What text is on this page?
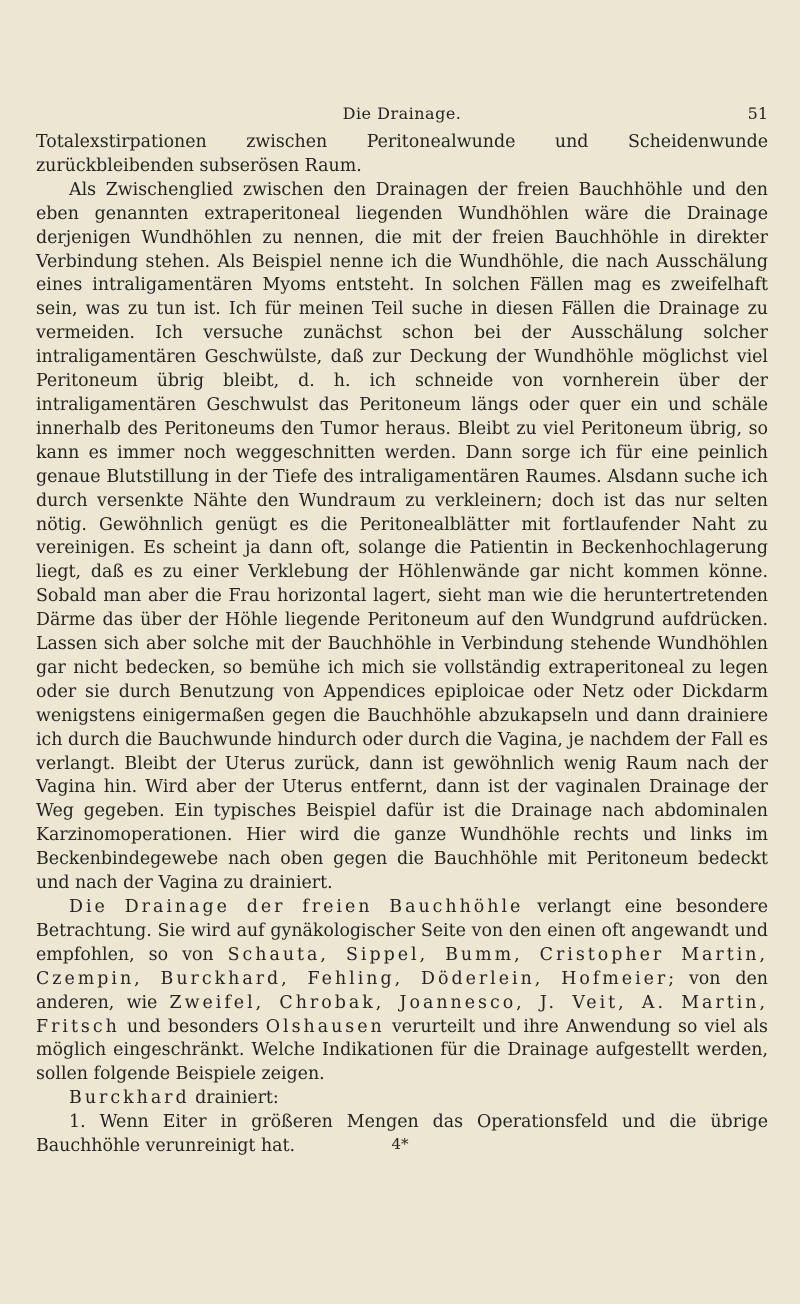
Die Drainage.	51

Totalexstirpationen zwischen Peritonealwunde und Scheidenwunde zurückbleibenden subserösen Raum.

Als Zwischenglied zwischen den Drainagen der freien Bauchhöhle und den eben genannten extraperitoneal liegenden Wundhöhlen wäre die Drainage derjenigen Wundhöhlen zu nennen, die mit der freien Bauchhöhle in direkter Verbindung stehen. Als Beispiel nenne ich die Wundhöhle, die nach Ausschälung eines intraligamentären Myoms entsteht. In solchen Fällen mag es zweifelhaft sein, was zu tun ist. Ich für meinen Teil suche in diesen Fällen die Drainage zu vermeiden. Ich versuche zunächst schon bei der Ausschälung solcher intraligamentären Geschwülste, daß zur Deckung der Wundhöhle möglichst viel Peritoneum übrig bleibt, d. h. ich schneide von vornherein über der intraligamentären Geschwulst das Peritoneum längs oder quer ein und schäle innerhalb des Peritoneums den Tumor heraus. Bleibt zu viel Peritoneum übrig, so kann es immer noch weggeschnitten werden. Dann sorge ich für eine peinlich genaue Blutstillung in der Tiefe des intraligamentären Raumes. Alsdann suche ich durch versenkte Nähte den Wundraum zu verkleinern; doch ist das nur selten nötig. Gewöhnlich genügt es die Peritonealblätter mit fortlaufender Naht zu vereinigen. Es scheint ja dann oft, solange die Patientin in Beckenhochlagerung liegt, daß es zu einer Verklebung der Höhlenwände gar nicht kommen könne. Sobald man aber die Frau horizontal lagert, sieht man wie die heruntertretenden Därme das über der Höhle liegende Peritoneum auf den Wundgrund aufdrücken. Lassen sich aber solche mit der Bauchhöhle in Verbindung stehende Wundhöhlen gar nicht bedecken, so bemühe ich mich sie vollständig extraperitoneal zu legen oder sie durch Benutzung von Appendices epiploicae oder Netz oder Dickdarm wenigstens einigermaßen gegen die Bauchhöhle abzukapseln und dann drainiere ich durch die Bauchwunde hindurch oder durch die Vagina, je nachdem der Fall es verlangt. Bleibt der Uterus zurück, dann ist gewöhnlich wenig Raum nach der Vagina hin. Wird aber der Uterus entfernt, dann ist der vaginalen Drainage der Weg gegeben. Ein typisches Beispiel dafür ist die Drainage nach abdominalen Karzinomoperationen. Hier wird die ganze Wundhöhle rechts und links im Beckenbindegewebe nach oben gegen die Bauchhöhle mit Peritoneum bedeckt und nach der Vagina zu drainiert.

Die Drainage der freien Bauchhöhle verlangt eine besondere Betrachtung. Sie wird auf gynäkologischer Seite von den einen oft angewandt und empfohlen, so von Schauta, Sippel, Bumm, Cristopher Martin, Czempin, Burckhard, Fehling, Döderlein, Hofmeier; von den anderen, wie Zweifel, Chrobak, Joannesco, J. Veit, A. Martin, Fritsch und besonders Olshausen verurteilt und ihre Anwendung so viel als möglich eingeschränkt. Welche Indikationen für die Drainage aufgestellt werden, sollen folgende Beispiele zeigen.

Burckhard drainiert:

1. Wenn Eiter in größeren Mengen das Operationsfeld und die übrige Bauchhöhle verunreinigt hat.	4*
